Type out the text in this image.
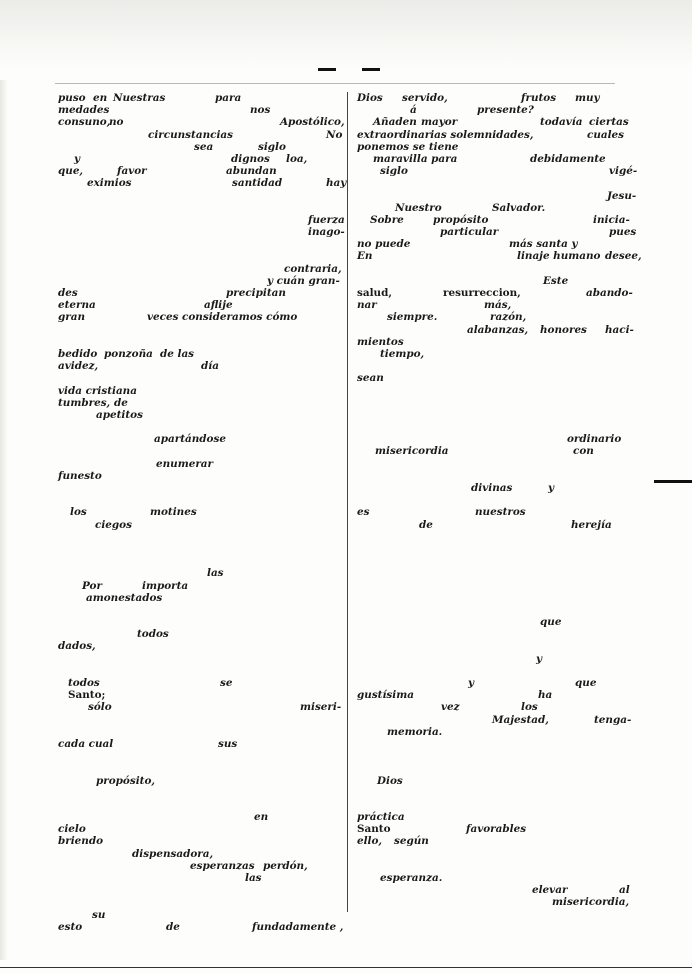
puso en Nuestras	para
medades	nos
consuno,
no	Apostólico,
circunstancias	No
sea	siglo
y	dignos loa,
que,	favor	abundan
eximios	santidad	hay
fuerza
inago-
contraria,
y cuán gran-
des	precipitan
eterna	aflije
gran	veces consideramos cómo
bedido ponzoña de las
avidez,	día
vida cristiana
tumbres, de
apetitos
apartándose
enumerar
funesto
los	motines
ciegos
las
Por	importa
amonestados
todos
dados,
todos	se
Santo;
sólo	miseri-
cada cual	sus
propósito,
en
cielo
briendo
dispensadora,
esperanzas perdón,
las
su
esto	de	fundadamente ,
Dios servido,	frutos muy
á	presente?
Añaden mayor	todavía ciertas
extraordinarias solemnidades,	cuales
ponemos se tiene
maravilla para	debidamente
siglo	vigé-
Jesu-
Nuestro	Salvador.
Sobre	propósito	inicia-
particular	pues
no puede	más santa y
En	linaje humano desee,
Este
salud,	resurreccion,	abando-
nar	más,
siempre.	razón,
alabanzas, honores haci-
mientos
tiempo,
sean
ordinario
misericordia	con
divinas	y
es	nuestros
de	herejía
que
y
y	que
gustísima	ha
vez	los
Majestad,	tenga-
memoria.
Dios
práctica
Santo	favorables
ello, según
esperanza.
elevar	al
misericordia,
